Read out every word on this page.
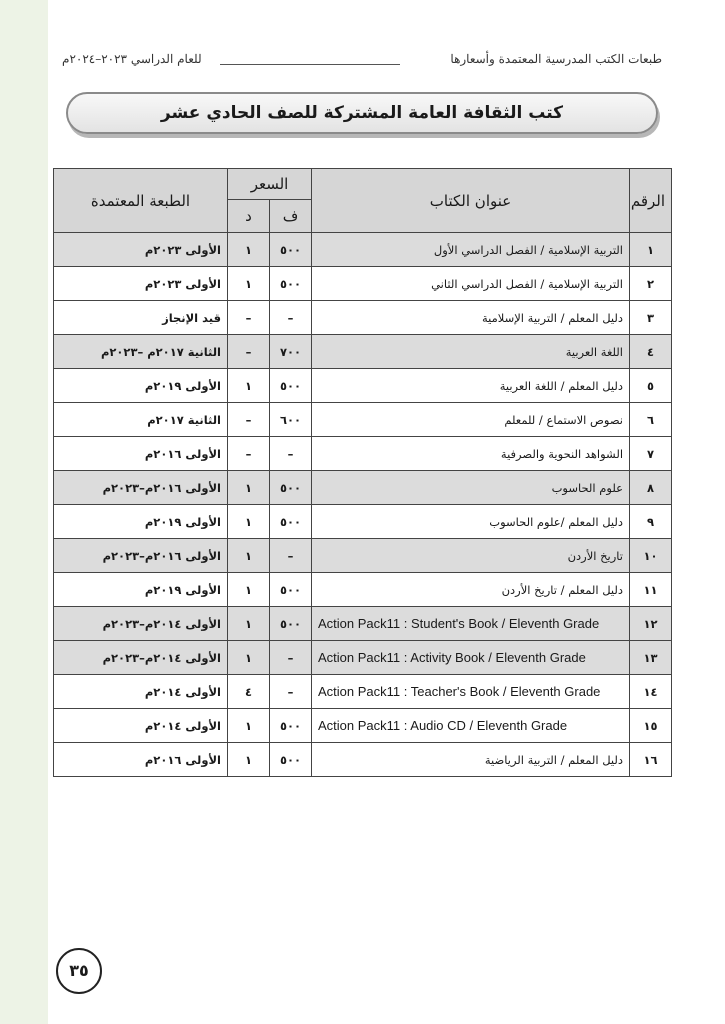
طبعات الكتب المدرسية المعتمدة وأسعارها
للعام الدراسي ٢٠٢٣–٢٠٢٤م
كتب الثقافة العامة المشتركة للصف الحادي عشر
الرقم	عنوان الكتاب	السعر		الطبعة المعتمدة
		ف	د	
١	التربية الإسلامية / الفصل الدراسي الأول	٥٠٠	١	الأولى ٢٠٢٣م
٢	التربية الإسلامية / الفصل الدراسي الثاني	٥٠٠	١	الأولى ٢٠٢٣م
٣	دليل المعلم / التربية الإسلامية	–	–	قيد الإنجاز
٤	اللغة العربية	٧٠٠	–	الثانية ٢٠١٧م –٢٠٢٣م
٥	دليل المعلم / اللغة العربية	٥٠٠	١	الأولى ٢٠١٩م
٦	نصوص الاستماع / للمعلم	٦٠٠	–	الثانية ٢٠١٧م
٧	الشواهد النحوية والصرفية	–	–	الأولى ٢٠١٦م
٨	علوم الحاسوب	٥٠٠	١	الأولى ٢٠١٦م–٢٠٢٣م
٩	دليل المعلم /علوم الحاسوب	٥٠٠	١	الأولى ٢٠١٩م
١٠	تاريخ الأردن	–	١	الأولى ٢٠١٦م–٢٠٢٣م
١١	دليل المعلم / تاريخ الأردن	٥٠٠	١	الأولى ٢٠١٩م
١٢	Action Pack11 : Student's Book / Eleventh Grade	٥٠٠	١	الأولى ٢٠١٤م–٢٠٢٣م
١٣	Action Pack11 : Activity Book / Eleventh Grade	–	١	الأولى ٢٠١٤م–٢٠٢٣م
١٤	Action Pack11 : Teacher's Book / Eleventh Grade	–	٤	الأولى ٢٠١٤م
١٥	Action Pack11 : Audio CD / Eleventh Grade	٥٠٠	١	الأولى ٢٠١٤م
١٦	دليل المعلم / التربية الرياضية	٥٠٠	١	الأولى ٢٠١٦م
٣٥
